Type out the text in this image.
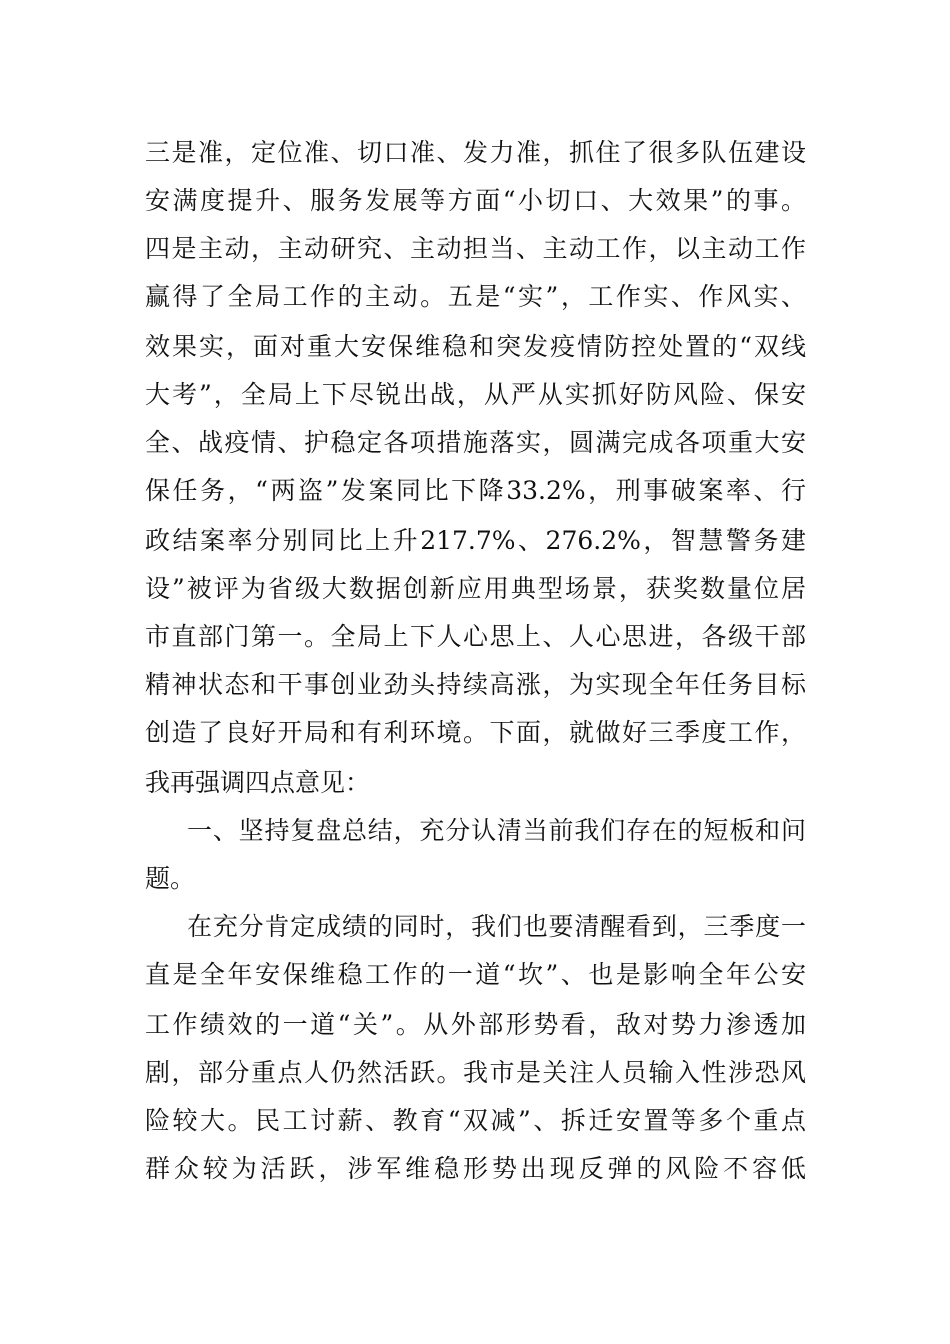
三是准，定位准、切口准、发力准，抓住了很多队伍建设
安满度提升、服务发展等方面“小切口、大效果”的事。
四是主动，主动研究、主动担当、主动工作，以主动工作
赢得了全局工作的主动。五是“实”，工作实、作风实、
效果实，面对重大安保维稳和突发疫情防控处置的“双线
大考”，全局上下尽锐出战，从严从实抓好防风险、保安
全、战疫情、护稳定各项措施落实，圆满完成各项重大安
保任务，“两盗”发案同比下降33.2%，刑事破案率、行
政结案率分别同比上升217.7%、276.2%，智慧警务建
设”被评为省级大数据创新应用典型场景，获奖数量位居
市直部门第一。全局上下人心思上、人心思进，各级干部
精神状态和干事创业劲头持续高涨，为实现全年任务目标
创造了良好开局和有利环境。下面，就做好三季度工作，
我再强调四点意见：
一、坚持复盘总结，充分认清当前我们存在的短板和问
题。
在充分肯定成绩的同时，我们也要清醒看到，三季度一
直是全年安保维稳工作的一道“坎”、也是影响全年公安
工作绩效的一道“关”。从外部形势看，敌对势力渗透加
剧，部分重点人仍然活跃。我市是关注人员输入性涉恐风
险较大。民工讨薪、教育“双减”、拆迁安置等多个重点
群众较为活跃，涉军维稳形势出现反弹的风险不容低
